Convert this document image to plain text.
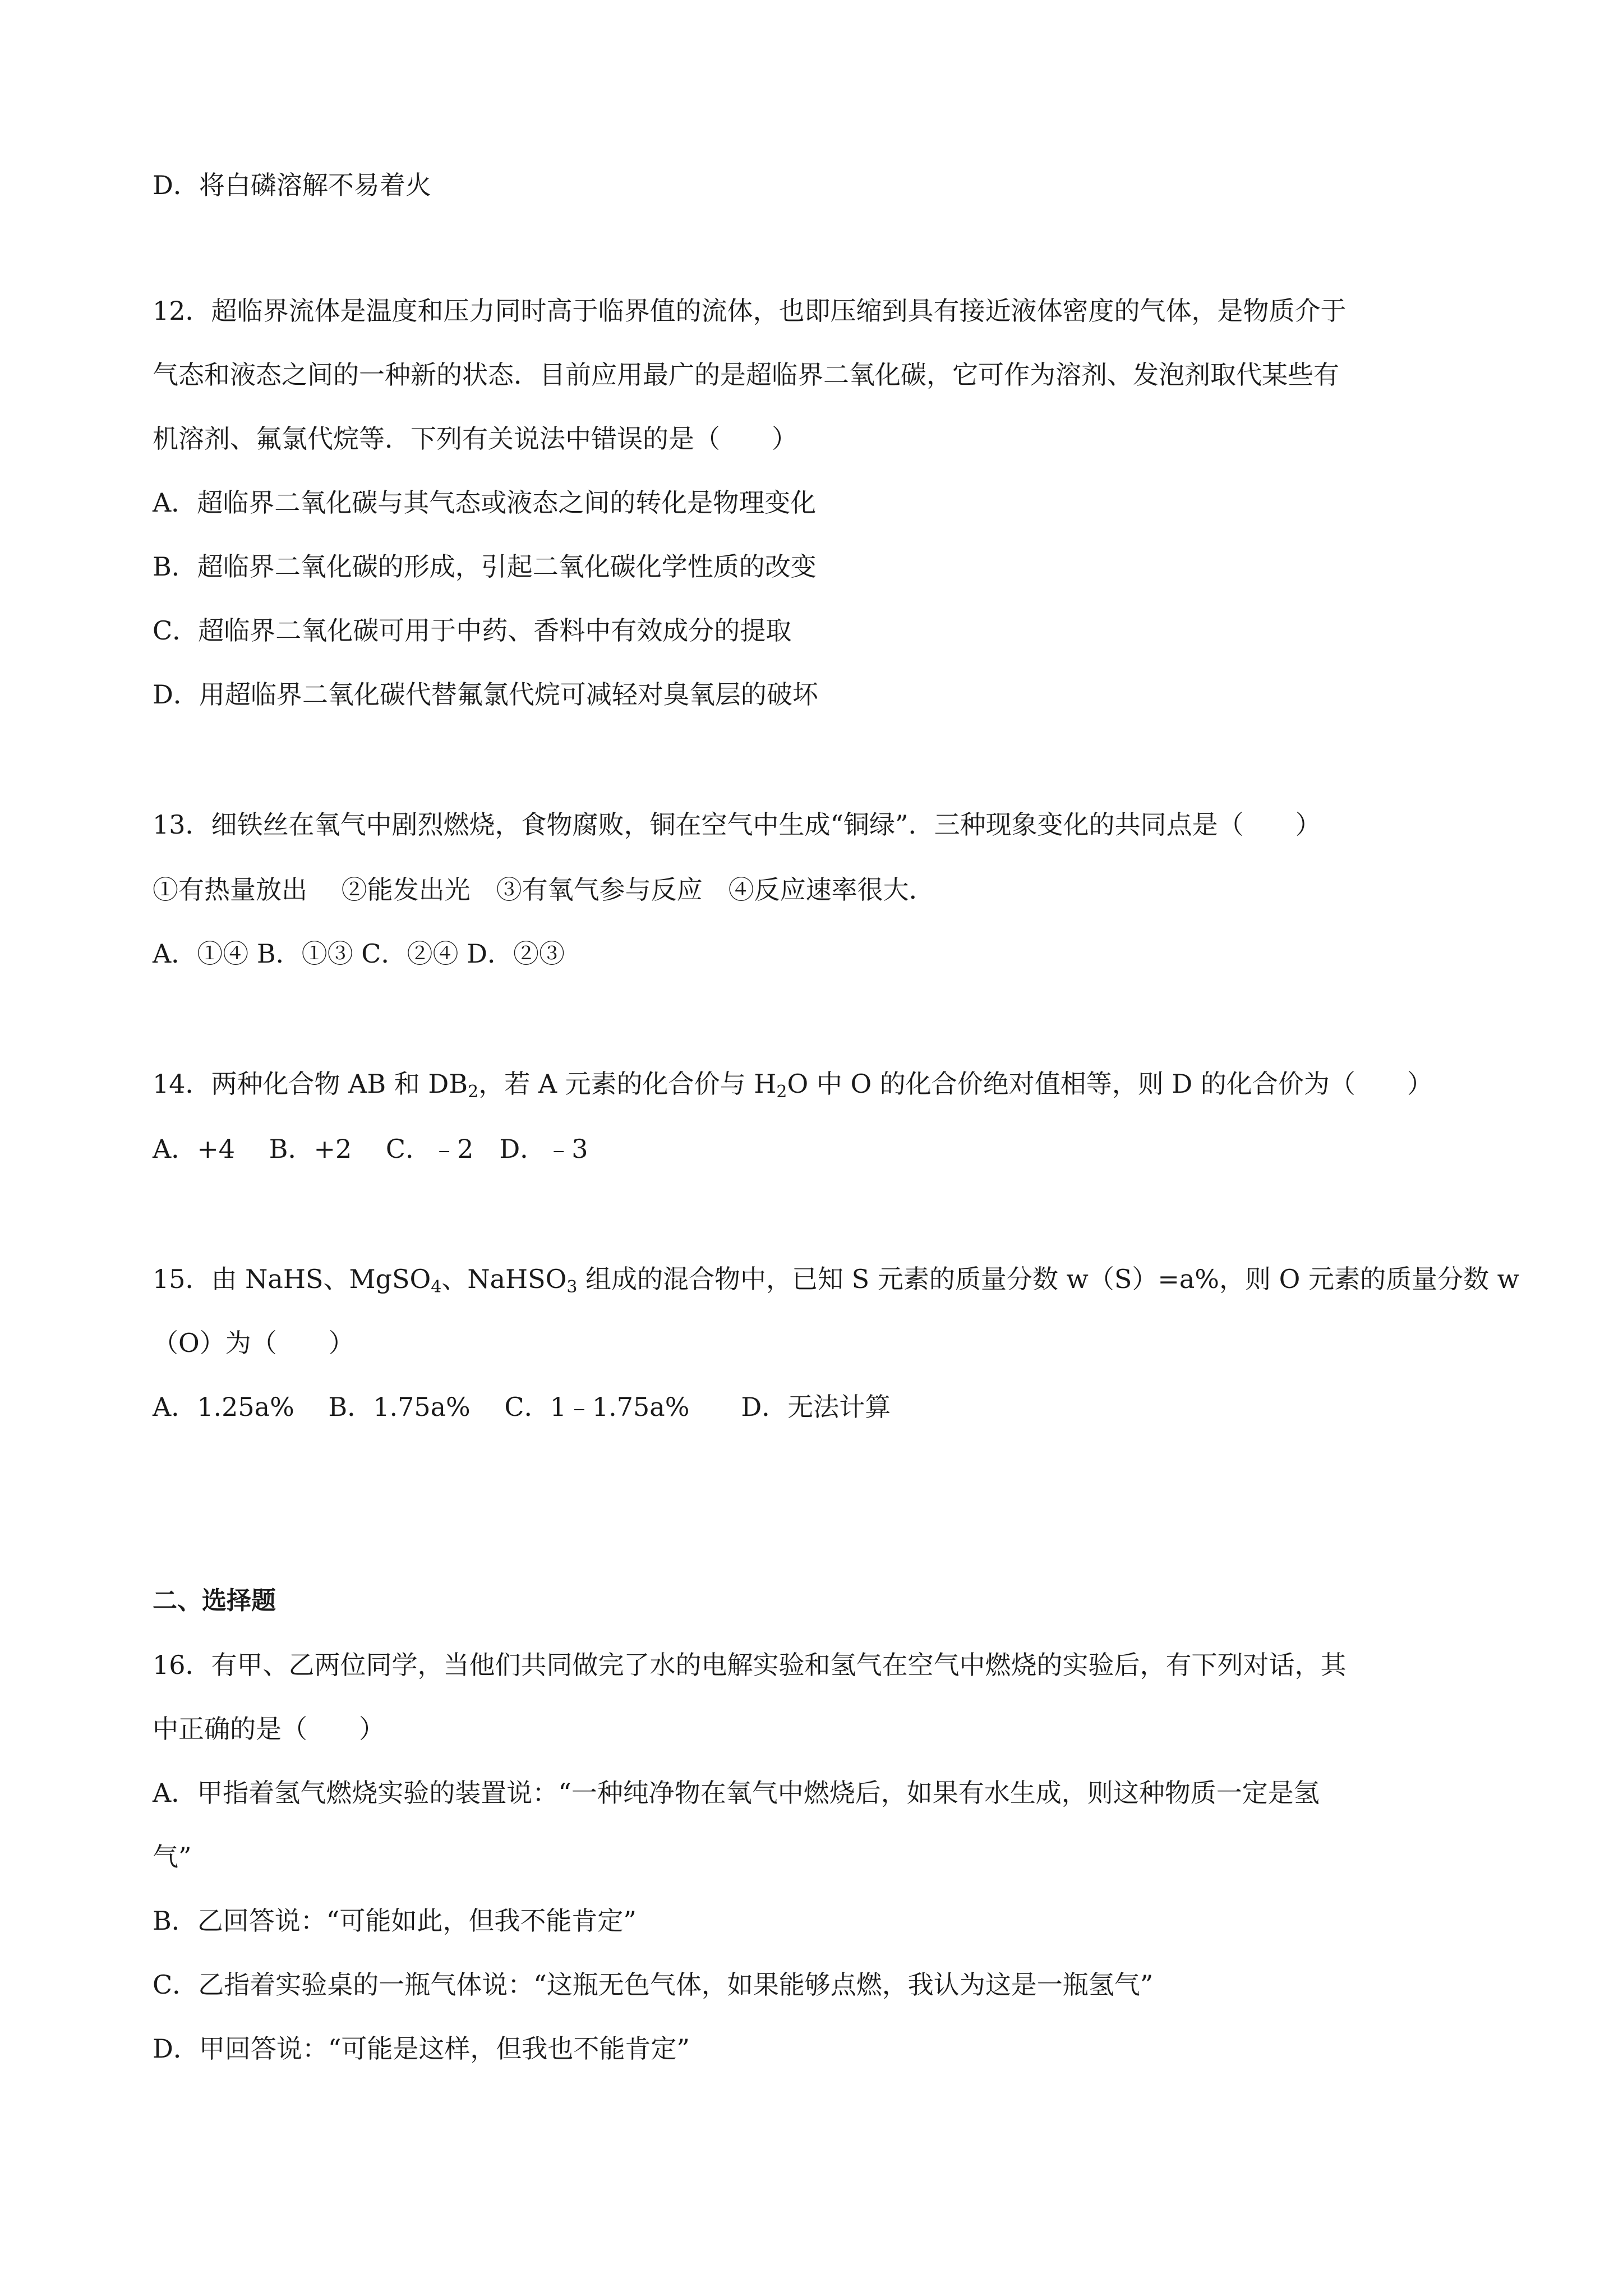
D．将白磷溶解不易着火
12．超临界流体是温度和压力同时高于临界值的流体，也即压缩到具有接近液体密度的气体，是物质介于
气态和液态之间的一种新的状态．目前应用最广的是超临界二氧化碳，它可作为溶剂、发泡剂取代某些有
机溶剂、氟氯代烷等．下列有关说法中错误的是（　　）
A．超临界二氧化碳与其气态或液态之间的转化是物理变化
B．超临界二氧化碳的形成，引起二氧化碳化学性质的改变
C．超临界二氧化碳可用于中药、香料中有效成分的提取
D．用超临界二氧化碳代替氟氯代烷可减轻对臭氧层的破坏
13．细铁丝在氧气中剧烈燃烧，食物腐败，铜在空气中生成“铜绿”．三种现象变化的共同点是（　　）
①有热量放出　 ②能发出光　③有氧气参与反应　④反应速率很大．
A．①④ B．①③ C．②④ D．②③
14．两种化合物 AB 和 $DB_2$，若 A 元素的化合价与 $H_2O$ 中 O 的化合价绝对值相等，则 D 的化合价为（　　）
A．+4　 B．+2　 C．﹣2　D．﹣3
15．由 NaHS、MgSO$_4$、NaHSO$_3$ 组成的混合物中，已知 S 元素的质量分数 w（S）=a%，则 O 元素的质量分数 w
（O）为（　　）
A．1.25a%　 B．1.75a%　 C．1﹣1.75a%　　D．无法计算
二、选择题
16．有甲、乙两位同学，当他们共同做完了水的电解实验和氢气在空气中燃烧的实验后，有下列对话，其
中正确的是（　　）
A．甲指着氢气燃烧实验的装置说：“一种纯净物在氧气中燃烧后，如果有水生成，则这种物质一定是氢
气”
B．乙回答说：“可能如此，但我不能肯定”
C．乙指着实验桌的一瓶气体说：“这瓶无色气体，如果能够点燃，我认为这是一瓶氢气”
D．甲回答说：“可能是这样，但我也不能肯定”
